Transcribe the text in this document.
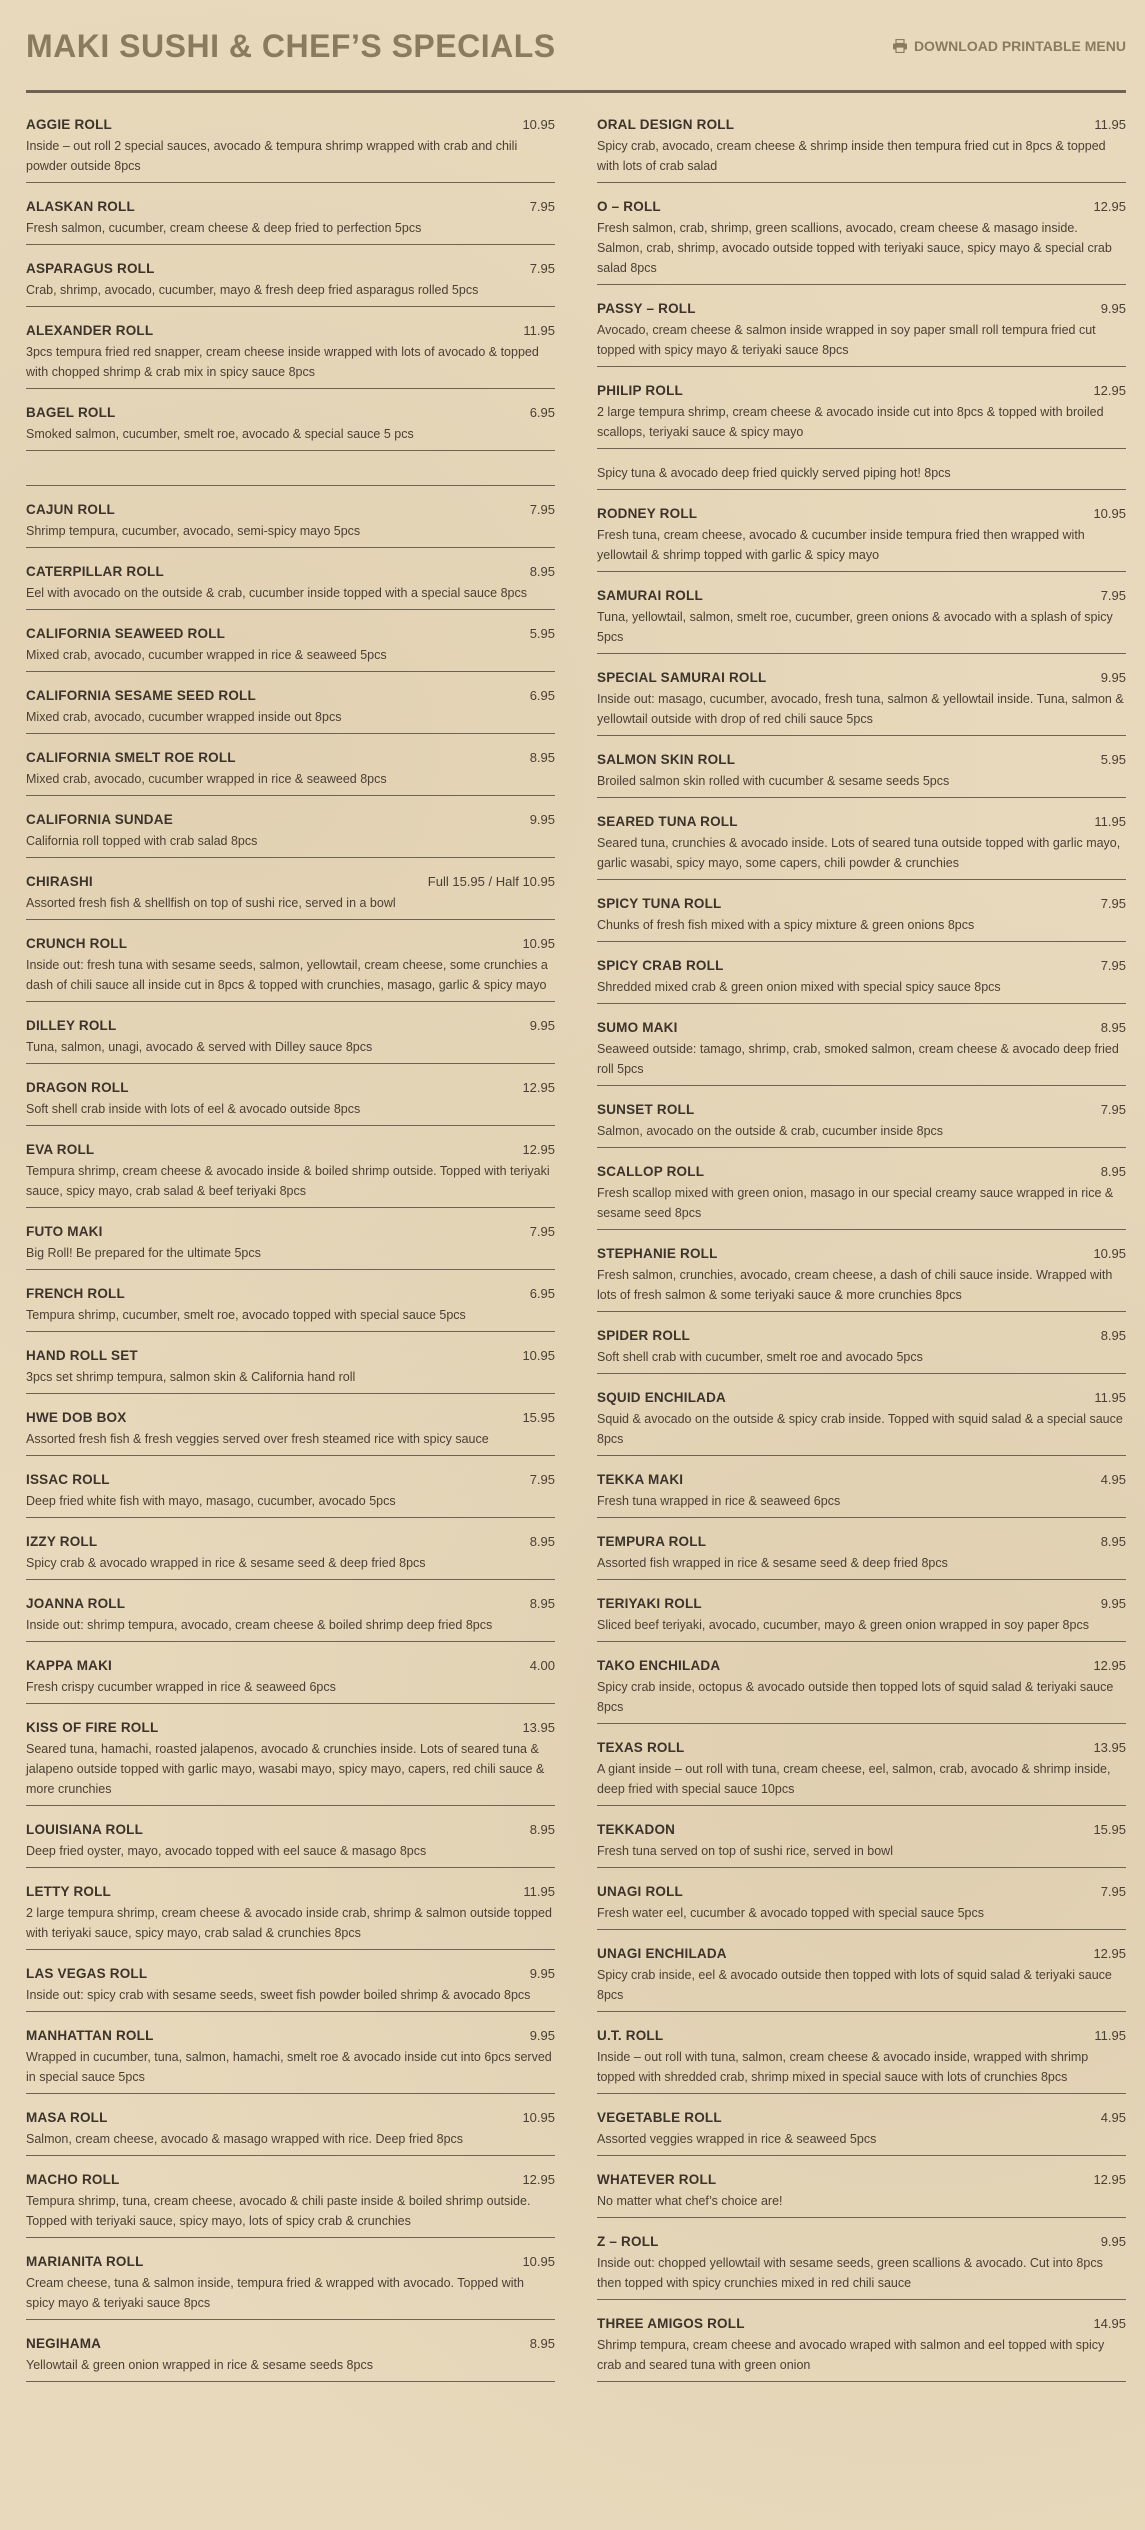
MAKI SUSHI & CHEF’S SPECIALS	DOWNLOAD PRINTABLE MENU
AGGIE ROLL	10.95
Inside – out roll 2 special sauces, avocado & tempura shrimp wrapped with crab and chili powder outside 8pcs
ALASKAN ROLL	7.95
Fresh salmon, cucumber, cream cheese & deep fried to perfection 5pcs
ASPARAGUS ROLL	7.95
Crab, shrimp, avocado, cucumber, mayo & fresh deep fried asparagus rolled 5pcs
ALEXANDER ROLL	11.95
3pcs tempura fried red snapper, cream cheese inside wrapped with lots of avocado & topped with chopped shrimp & crab mix in spicy sauce 8pcs
BAGEL ROLL	6.95
Smoked salmon, cucumber, smelt roe, avocado & special sauce 5 pcs
CAJUN ROLL	7.95
Shrimp tempura, cucumber, avocado, semi-spicy mayo 5pcs
CATERPILLAR ROLL	8.95
Eel with avocado on the outside & crab, cucumber inside topped with a special sauce 8pcs
CALIFORNIA SEAWEED ROLL	5.95
Mixed crab, avocado, cucumber wrapped in rice & seaweed 5pcs
CALIFORNIA SESAME SEED ROLL	6.95
Mixed crab, avocado, cucumber wrapped inside out 8pcs
CALIFORNIA SMELT ROE ROLL	8.95
Mixed crab, avocado, cucumber wrapped in rice & seaweed 8pcs
CALIFORNIA SUNDAE	9.95
California roll topped with crab salad 8pcs
CHIRASHI	Full 15.95 / Half 10.95
Assorted fresh fish & shellfish on top of sushi rice, served in a bowl
CRUNCH ROLL	10.95
Inside out: fresh tuna with sesame seeds, salmon, yellowtail, cream cheese, some crunchies a dash of chili sauce all inside cut in 8pcs & topped with crunchies, masago, garlic & spicy mayo
DILLEY ROLL	9.95
Tuna, salmon, unagi, avocado & served with Dilley sauce 8pcs
DRAGON ROLL	12.95
Soft shell crab inside with lots of eel & avocado outside 8pcs
EVA ROLL	12.95
Tempura shrimp, cream cheese & avocado inside & boiled shrimp outside. Topped with teriyaki sauce, spicy mayo, crab salad & beef teriyaki 8pcs
FUTO MAKI	7.95
Big Roll! Be prepared for the ultimate 5pcs
FRENCH ROLL	6.95
Tempura shrimp, cucumber, smelt roe, avocado topped with special sauce 5pcs
HAND ROLL SET	10.95
3pcs set shrimp tempura, salmon skin & California hand roll
HWE DOB BOX	15.95
Assorted fresh fish & fresh veggies served over fresh steamed rice with spicy sauce
ISSAC ROLL	7.95
Deep fried white fish with mayo, masago, cucumber, avocado 5pcs
IZZY ROLL	8.95
Spicy crab & avocado wrapped in rice & sesame seed & deep fried 8pcs
JOANNA ROLL	8.95
Inside out: shrimp tempura, avocado, cream cheese & boiled shrimp deep fried 8pcs
KAPPA MAKI	4.00
Fresh crispy cucumber wrapped in rice & seaweed 6pcs
KISS OF FIRE ROLL	13.95
Seared tuna, hamachi, roasted jalapenos, avocado & crunchies inside. Lots of seared tuna & jalapeno outside topped with garlic mayo, wasabi mayo, spicy mayo, capers, red chili sauce & more crunchies
LOUISIANA ROLL	8.95
Deep fried oyster, mayo, avocado topped with eel sauce & masago 8pcs
LETTY ROLL	11.95
2 large tempura shrimp, cream cheese & avocado inside crab, shrimp & salmon outside topped with teriyaki sauce, spicy mayo, crab salad & crunchies 8pcs
LAS VEGAS ROLL	9.95
Inside out: spicy crab with sesame seeds, sweet fish powder boiled shrimp & avocado 8pcs
MANHATTAN ROLL	9.95
Wrapped in cucumber, tuna, salmon, hamachi, smelt roe & avocado inside cut into 6pcs served in special sauce 5pcs
MASA ROLL	10.95
Salmon, cream cheese, avocado & masago wrapped with rice. Deep fried 8pcs
MACHO ROLL	12.95
Tempura shrimp, tuna, cream cheese, avocado & chili paste inside & boiled shrimp outside. Topped with teriyaki sauce, spicy mayo, lots of spicy crab & crunchies
MARIANITA ROLL	10.95
Cream cheese, tuna & salmon inside, tempura fried & wrapped with avocado. Topped with spicy mayo & teriyaki sauce 8pcs
NEGIHAMA	8.95
Yellowtail & green onion wrapped in rice & sesame seeds 8pcs
ORAL DESIGN ROLL	11.95
Spicy crab, avocado, cream cheese & shrimp inside then tempura fried cut in 8pcs & topped with lots of crab salad
O – ROLL	12.95
Fresh salmon, crab, shrimp, green scallions, avocado, cream cheese & masago inside. Salmon, crab, shrimp, avocado outside topped with teriyaki sauce, spicy mayo & special crab salad 8pcs
PASSY – ROLL	9.95
Avocado, cream cheese & salmon inside wrapped in soy paper small roll tempura fried cut topped with spicy mayo & teriyaki sauce 8pcs
PHILIP ROLL	12.95
2 large tempura shrimp, cream cheese & avocado inside cut into 8pcs & topped with broiled scallops, teriyaki sauce & spicy mayo
Spicy tuna & avocado deep fried quickly served piping hot! 8pcs
RODNEY ROLL	10.95
Fresh tuna, cream cheese, avocado & cucumber inside tempura fried then wrapped with yellowtail & shrimp topped with garlic & spicy mayo
SAMURAI ROLL	7.95
Tuna, yellowtail, salmon, smelt roe, cucumber, green onions & avocado with a splash of spicy 5pcs
SPECIAL SAMURAI ROLL	9.95
Inside out: masago, cucumber, avocado, fresh tuna, salmon & yellowtail inside. Tuna, salmon & yellowtail outside with drop of red chili sauce 5pcs
SALMON SKIN ROLL	5.95
Broiled salmon skin rolled with cucumber & sesame seeds 5pcs
SEARED TUNA ROLL	11.95
Seared tuna, crunchies & avocado inside. Lots of seared tuna outside topped with garlic mayo, garlic wasabi, spicy mayo, some capers, chili powder & crunchies
SPICY TUNA ROLL	7.95
Chunks of fresh fish mixed with a spicy mixture & green onions 8pcs
SPICY CRAB ROLL	7.95
Shredded mixed crab & green onion mixed with special spicy sauce 8pcs
SUMO MAKI	8.95
Seaweed outside: tamago, shrimp, crab, smoked salmon, cream cheese & avocado deep fried roll 5pcs
SUNSET ROLL	7.95
Salmon, avocado on the outside & crab, cucumber inside 8pcs
SCALLOP ROLL	8.95
Fresh scallop mixed with green onion, masago in our special creamy sauce wrapped in rice & sesame seed 8pcs
STEPHANIE ROLL	10.95
Fresh salmon, crunchies, avocado, cream cheese, a dash of chili sauce inside. Wrapped with lots of fresh salmon & some teriyaki sauce & more crunchies 8pcs
SPIDER ROLL	8.95
Soft shell crab with cucumber, smelt roe and avocado 5pcs
SQUID ENCHILADA	11.95
Squid & avocado on the outside & spicy crab inside. Topped with squid salad & a special sauce 8pcs
TEKKA MAKI	4.95
Fresh tuna wrapped in rice & seaweed 6pcs
TEMPURA ROLL	8.95
Assorted fish wrapped in rice & sesame seed & deep fried 8pcs
TERIYAKI ROLL	9.95
Sliced beef teriyaki, avocado, cucumber, mayo & green onion wrapped in soy paper 8pcs
TAKO ENCHILADA	12.95
Spicy crab inside, octopus & avocado outside then topped lots of squid salad & teriyaki sauce 8pcs
TEXAS ROLL	13.95
A giant inside – out roll with tuna, cream cheese, eel, salmon, crab, avocado & shrimp inside, deep fried with special sauce 10pcs
TEKKADON	15.95
Fresh tuna served on top of sushi rice, served in bowl
UNAGI ROLL	7.95
Fresh water eel, cucumber & avocado topped with special sauce 5pcs
UNAGI ENCHILADA	12.95
Spicy crab inside, eel & avocado outside then topped with lots of squid salad & teriyaki sauce 8pcs
U.T. ROLL	11.95
Inside – out roll with tuna, salmon, cream cheese & avocado inside, wrapped with shrimp topped with shredded crab, shrimp mixed in special sauce with lots of crunchies 8pcs
VEGETABLE ROLL	4.95
Assorted veggies wrapped in rice & seaweed 5pcs
WHATEVER ROLL	12.95
No matter what chef’s choice are!
Z – ROLL	9.95
Inside out: chopped yellowtail with sesame seeds, green scallions & avocado. Cut into 8pcs then topped with spicy crunchies mixed in red chili sauce
THREE AMIGOS ROLL	14.95
Shrimp tempura, cream cheese and avocado wraped with salmon and eel topped with spicy crab and seared tuna with green onion
